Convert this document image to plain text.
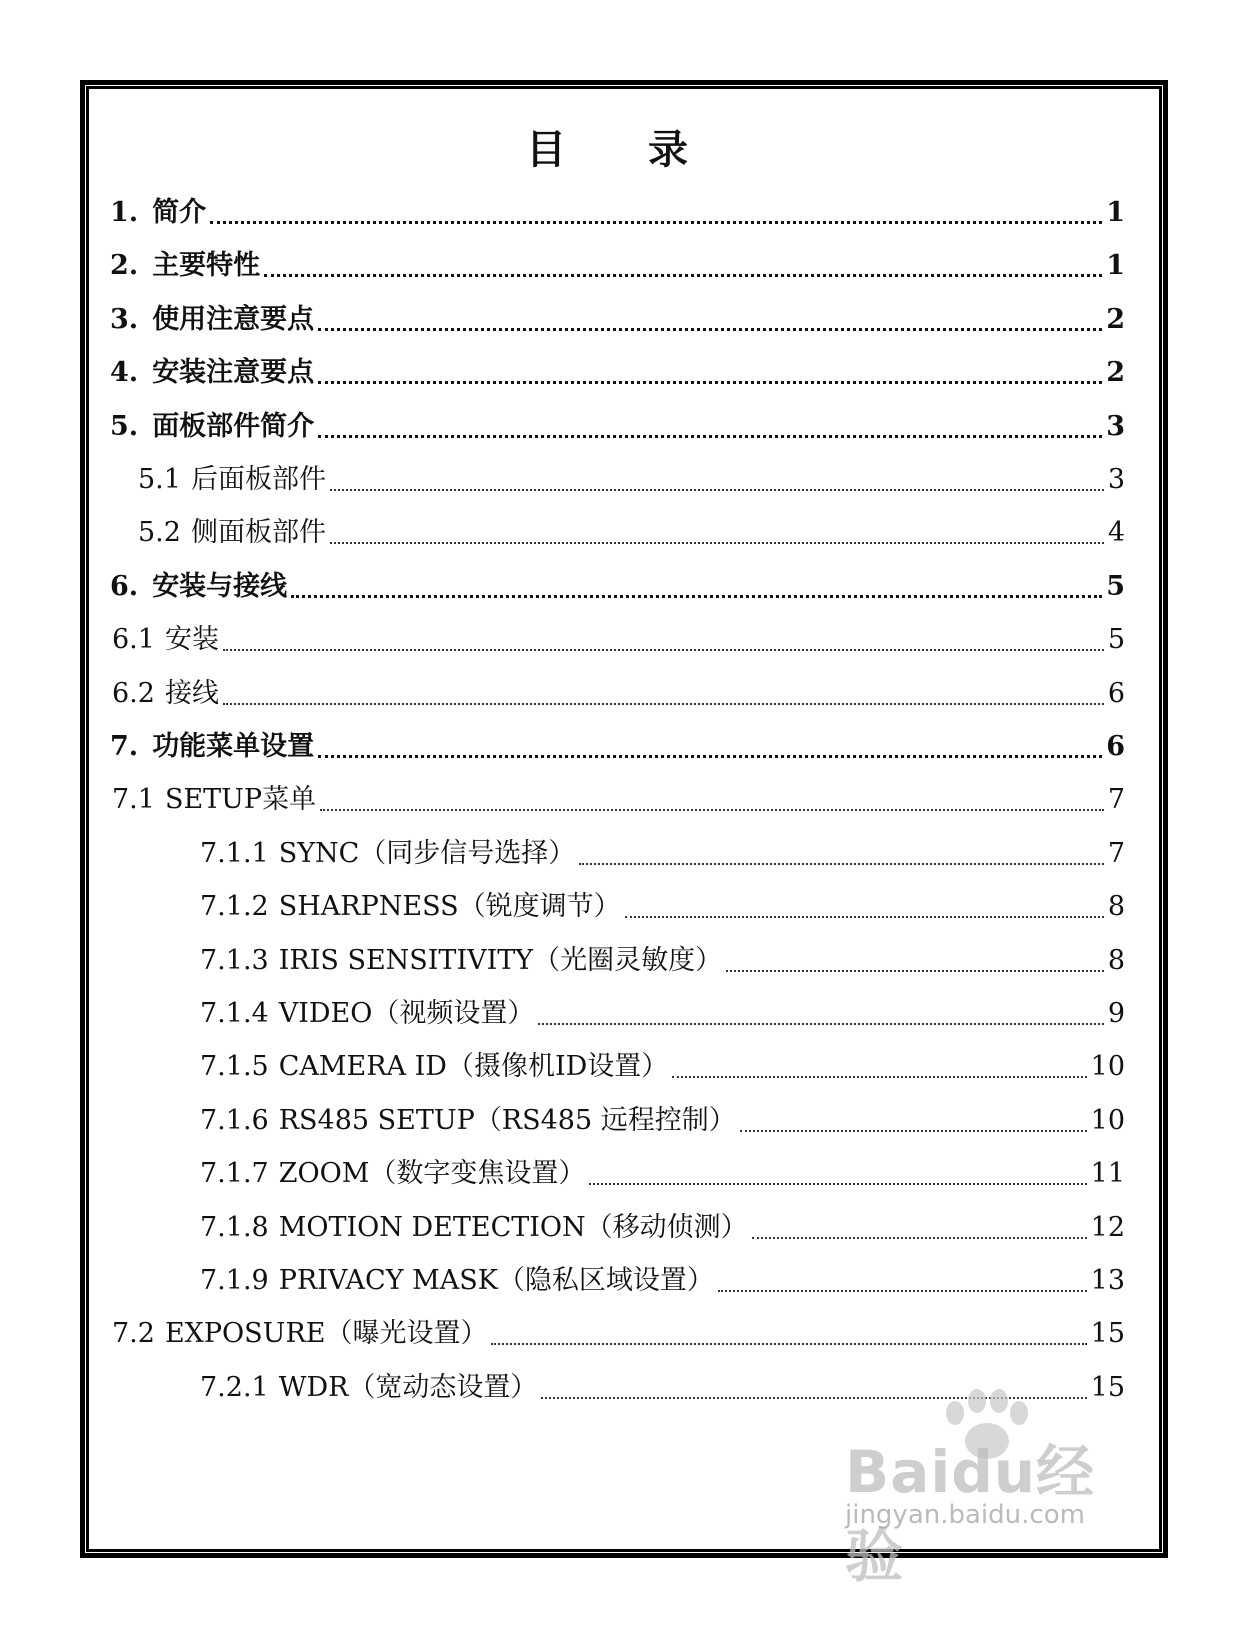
目 录
1. 简介	1
2. 主要特性	1
3. 使用注意要点	2
4. 安装注意要点	2
5. 面板部件简介	3
5.1 后面板部件	3
5.2 侧面板部件	4
6. 安装与接线	5
6.1 安装	5
6.2 接线	6
7. 功能菜单设置	6
7.1 SETUP菜单	7
7.1.1 SYNC（同步信号选择）	7
7.1.2 SHARPNESS（锐度调节）	8
7.1.3 IRIS SENSITIVITY（光圈灵敏度）	8
7.1.4 VIDEO（视频设置）	9
7.1.5 CAMERA ID（摄像机ID设置）	10
7.1.6 RS485 SETUP（RS485 远程控制）	10
7.1.7 ZOOM（数字变焦设置）	11
7.1.8 MOTION DETECTION（移动侦测）	12
7.1.9 PRIVACY MASK（隐私区域设置）	13
7.2 EXPOSURE（曝光设置）	15
7.2.1 WDR（宽动态设置）	15
Baidu经验
jingyan.baidu.com
